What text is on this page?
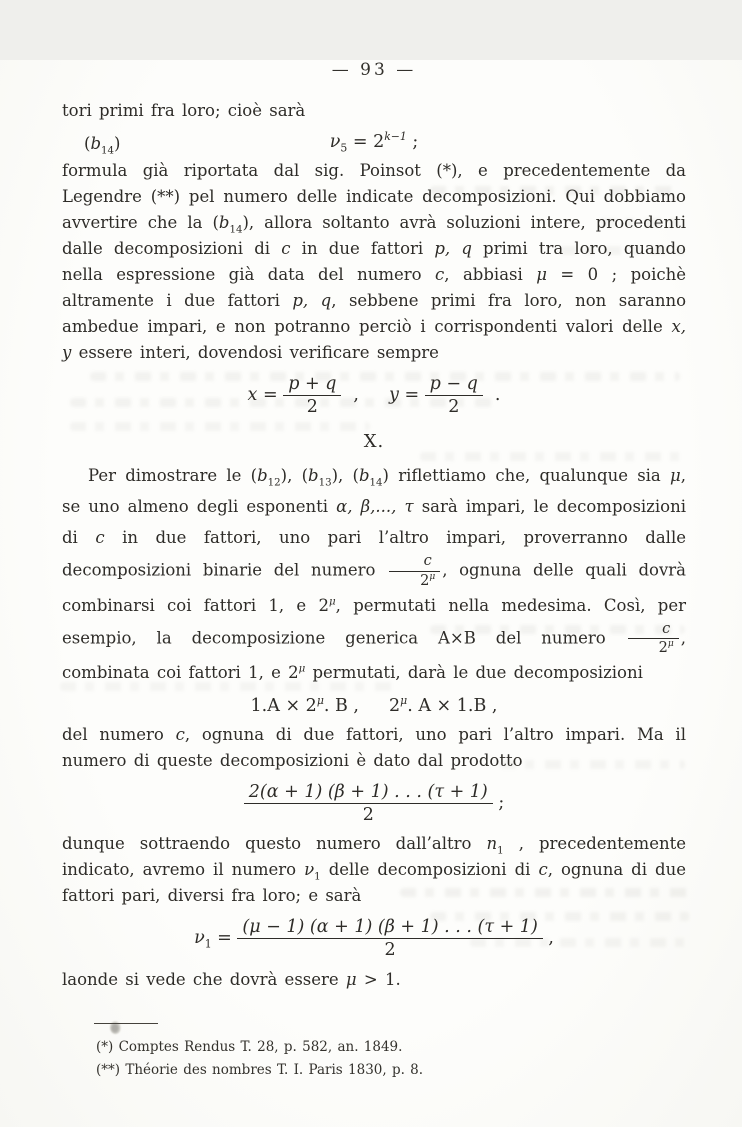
— 93 —

tori primi fra loro; cioè sarà

$(b_{14})$	$\nu_5 = 2^{k-1}$ ;

formula già riportata dal sig. Poinsot (*), e precedentemente da Legendre (**) pel numero delle indicate decomposizioni. Qui dobbiamo avvertire che la $(b_{14})$, allora soltanto avrà soluzioni intere, procedenti dalle decomposizioni di c in due fattori p, q primi tra loro, quando nella espressione già data del numero c, abbiasi μ = 0 ; poichè altramente i due fattori p, q, sebbene primi fra loro, non saranno ambedue impari, e non potranno perciò i corrispondenti valori delle x, y essere interi, dovendosi verificare sempre

$x = \frac{p + q}{2}$ , $y = \frac{p - q}{2}$ .
X.

Per dimostrare le $(b_{12})$, $(b_{13})$, $(b_{14})$ riflettiamo che, qualunque sia μ, se uno almeno degli esponenti α, β,..., τ sarà impari, le decomposizioni di c in due fattori, uno pari l’altro impari, proverranno dalle decomposizioni binarie del numero $\frac{c}{2^\mu}$ , ognuna delle quali dovrà combinarsi coi fattori 1, e $2^\mu$, permutati nella medesima. Così, per esempio, la decomposizione generica A×B del numero $\frac{c}{2^\mu}$ , combinata coi fattori 1, e $2^\mu$ permutati, darà le due decomposizioni

$1.A \times 2^\mu$. B , $2^\mu$. A × 1.B ,

del numero c, ognuna di due fattori, uno pari l’altro impari. Ma il numero di queste decomposizioni è dato dal prodotto

$\frac{2(\alpha + 1) (\beta + 1) . . . (\tau + 1)}{2}$ ;

dunque sottraendo questo numero dall’altro $n_1$ , precedentemente indicato, avremo il numero $\nu_1$ delle decomposizioni di c, ognuna di due fattori pari, diversi fra loro; e sarà

$\nu_1 = \frac{(\mu - 1) (\alpha + 1) (\beta + 1) . . . (\tau + 1)}{2}$ ,

laonde si vede che dovrà essere μ > 1.

(*) Comptes Rendus T. 28, p. 582, an. 1849.

(**) Théorie des nombres T. I. Paris 1830, p. 8.
